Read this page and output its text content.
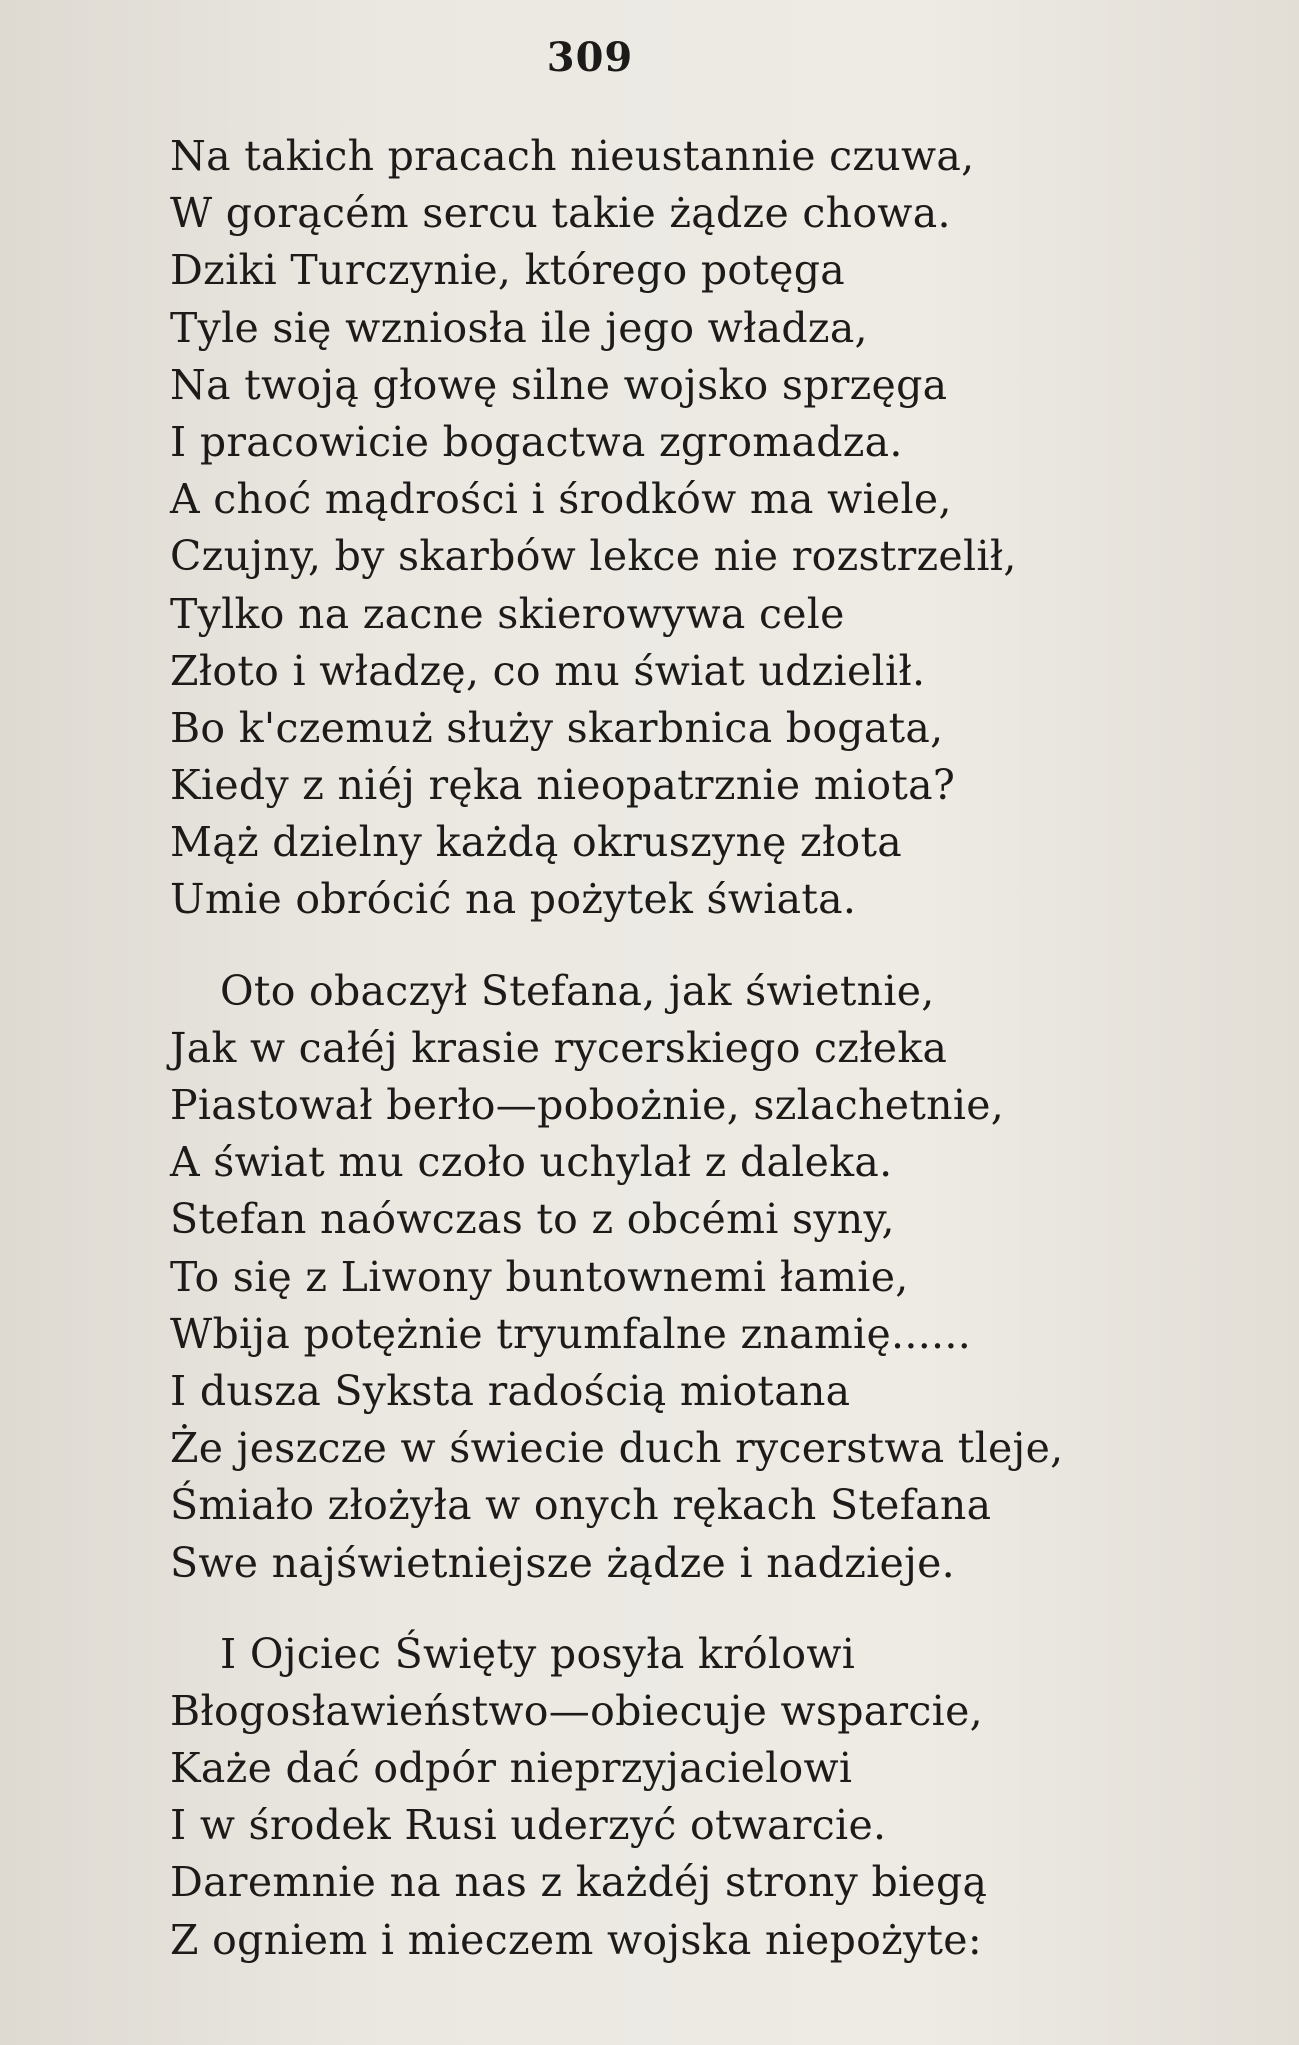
309
Na takich pracach nieustannie czuwa,
W gorącém sercu takie żądze chowa.
Dziki Turczynie, którego potęga
Tyle się wzniosła ile jego władza,
Na twoją głowę silne wojsko sprzęga
I pracowicie bogactwa zgromadza.
A choć mądrości i środków ma wiele,
Czujny, by skarbów lekce nie rozstrzelił,
Tylko na zacne skierowywa cele
Złoto i władzę, co mu świat udzielił.
Bo k'czemuż służy skarbnica bogata,
Kiedy z niéj ręka nieopatrznie miota?
Mąż dzielny każdą okruszynę złota
Umie obrócić na pożytek świata.
Oto obaczył Stefana, jak świetnie,
Jak w całéj krasie rycerskiego człeka
Piastował berło—pobożnie, szlachetnie,
A świat mu czoło uchylał z daleka.
Stefan naówczas to z obcémi syny,
To się z Liwony buntownemi łamie,
Wbija potężnie tryumfalne znamię......
I dusza Syksta radością miotana
Że jeszcze w świecie duch rycerstwa tleje,
Śmiało złożyła w onych rękach Stefana
Swe najświetniejsze żądze i nadzieje.
I Ojciec Święty posyła królowi
Błogosławieństwo—obiecuje wsparcie,
Każe dać odpór nieprzyjacielowi
I w środek Rusi uderzyć otwarcie.
Daremnie na nas z każdéj strony biegą
Z ogniem i mieczem wojska niepożyte:
